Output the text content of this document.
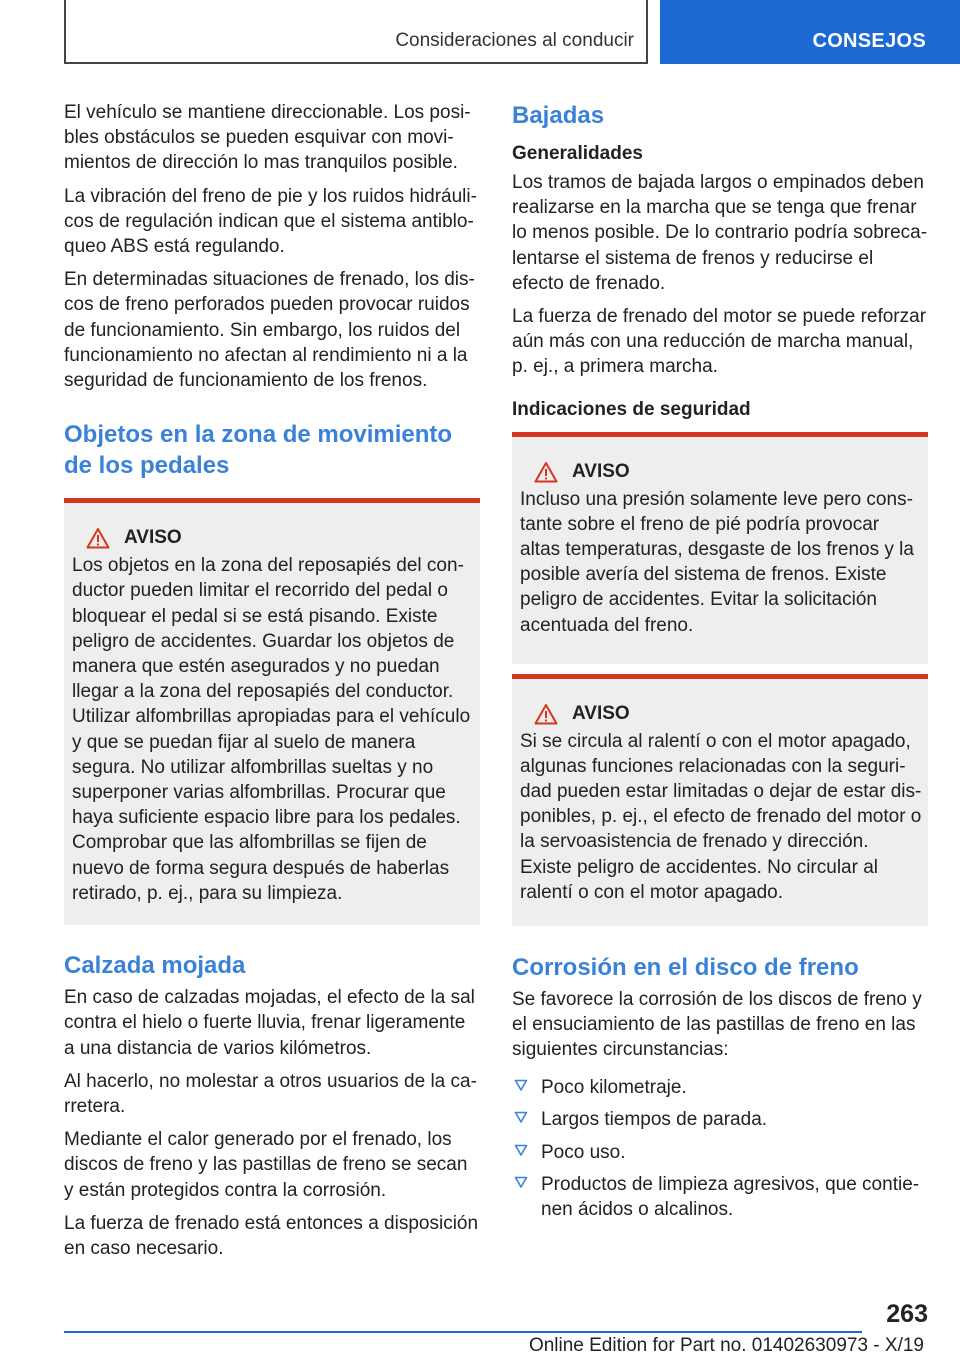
Consideraciones al conducir	CONSEJOS

El vehículo se mantiene direccionable. Los posibles obstáculos se pueden esquivar con movimientos de dirección lo mas tranquilos posible.

La vibración del freno de pie y los ruidos hidráulicos de regulación indican que el sistema antibloqueo ABS está regulando.

En determinadas situaciones de frenado, los discos de freno perforados pueden provocar ruidos de funcionamiento. Sin embargo, los ruidos del funcionamiento no afectan al rendimiento ni a la seguridad de funcionamiento de los frenos.

Objetos en la zona de movimiento de los pedales
AVISO

Los objetos en la zona del reposapiés del conductor pueden limitar el recorrido del pedal o bloquear el pedal si se está pisando. Existe peligro de accidentes. Guardar los objetos de manera que estén asegurados y no puedan llegar a la zona del reposapiés del conductor. Utilizar alfombrillas apropiadas para el vehículo y que se puedan fijar al suelo de manera segura. No utilizar alfombrillas sueltas y no superponer varias alfombrillas. Procurar que haya suficiente espacio libre para los pedales. Comprobar que las alfombrillas se fijen de nuevo de forma segura después de haberlas retirado, p. ej., para su limpieza.

Calzada mojada

En caso de calzadas mojadas, el efecto de la sal contra el hielo o fuerte lluvia, frenar ligeramente a una distancia de varios kilómetros.

Al hacerlo, no molestar a otros usuarios de la carretera.

Mediante el calor generado por el frenado, los discos de freno y las pastillas de freno se secan y están protegidos contra la corrosión.

La fuerza de frenado está entonces a disposición en caso necesario.

Bajadas
Generalidades

Los tramos de bajada largos o empinados deben realizarse en la marcha que se tenga que frenar lo menos posible. De lo contrario podría sobrecalentarse el sistema de frenos y reducirse el efecto de frenado.

La fuerza de frenado del motor se puede reforzar aún más con una reducción de marcha manual, p. ej., a primera marcha.

Indicaciones de seguridad
AVISO

Incluso una presión solamente leve pero constante sobre el freno de pié podría provocar altas temperaturas, desgaste de los frenos y la posible avería del sistema de frenos. Existe peligro de accidentes. Evitar la solicitación acentuada del freno.

AVISO

Si se circula al ralentí o con el motor apagado, algunas funciones relacionadas con la seguridad pueden estar limitadas o dejar de estar disponibles, p. ej., el efecto de frenado del motor o la servoasistencia de frenado y dirección. Existe peligro de accidentes. No circular al ralentí o con el motor apagado.

Corrosión en el disco de freno

Se favorece la corrosión de los discos de freno y el ensuciamiento de las pastillas de freno en las siguientes circunstancias:

Poco kilometraje.
Largos tiempos de parada.
Poco uso.
Productos de limpieza agresivos, que contienen ácidos o alcalinos.
263
Online Edition for Part no. 01402630973 - X/19
